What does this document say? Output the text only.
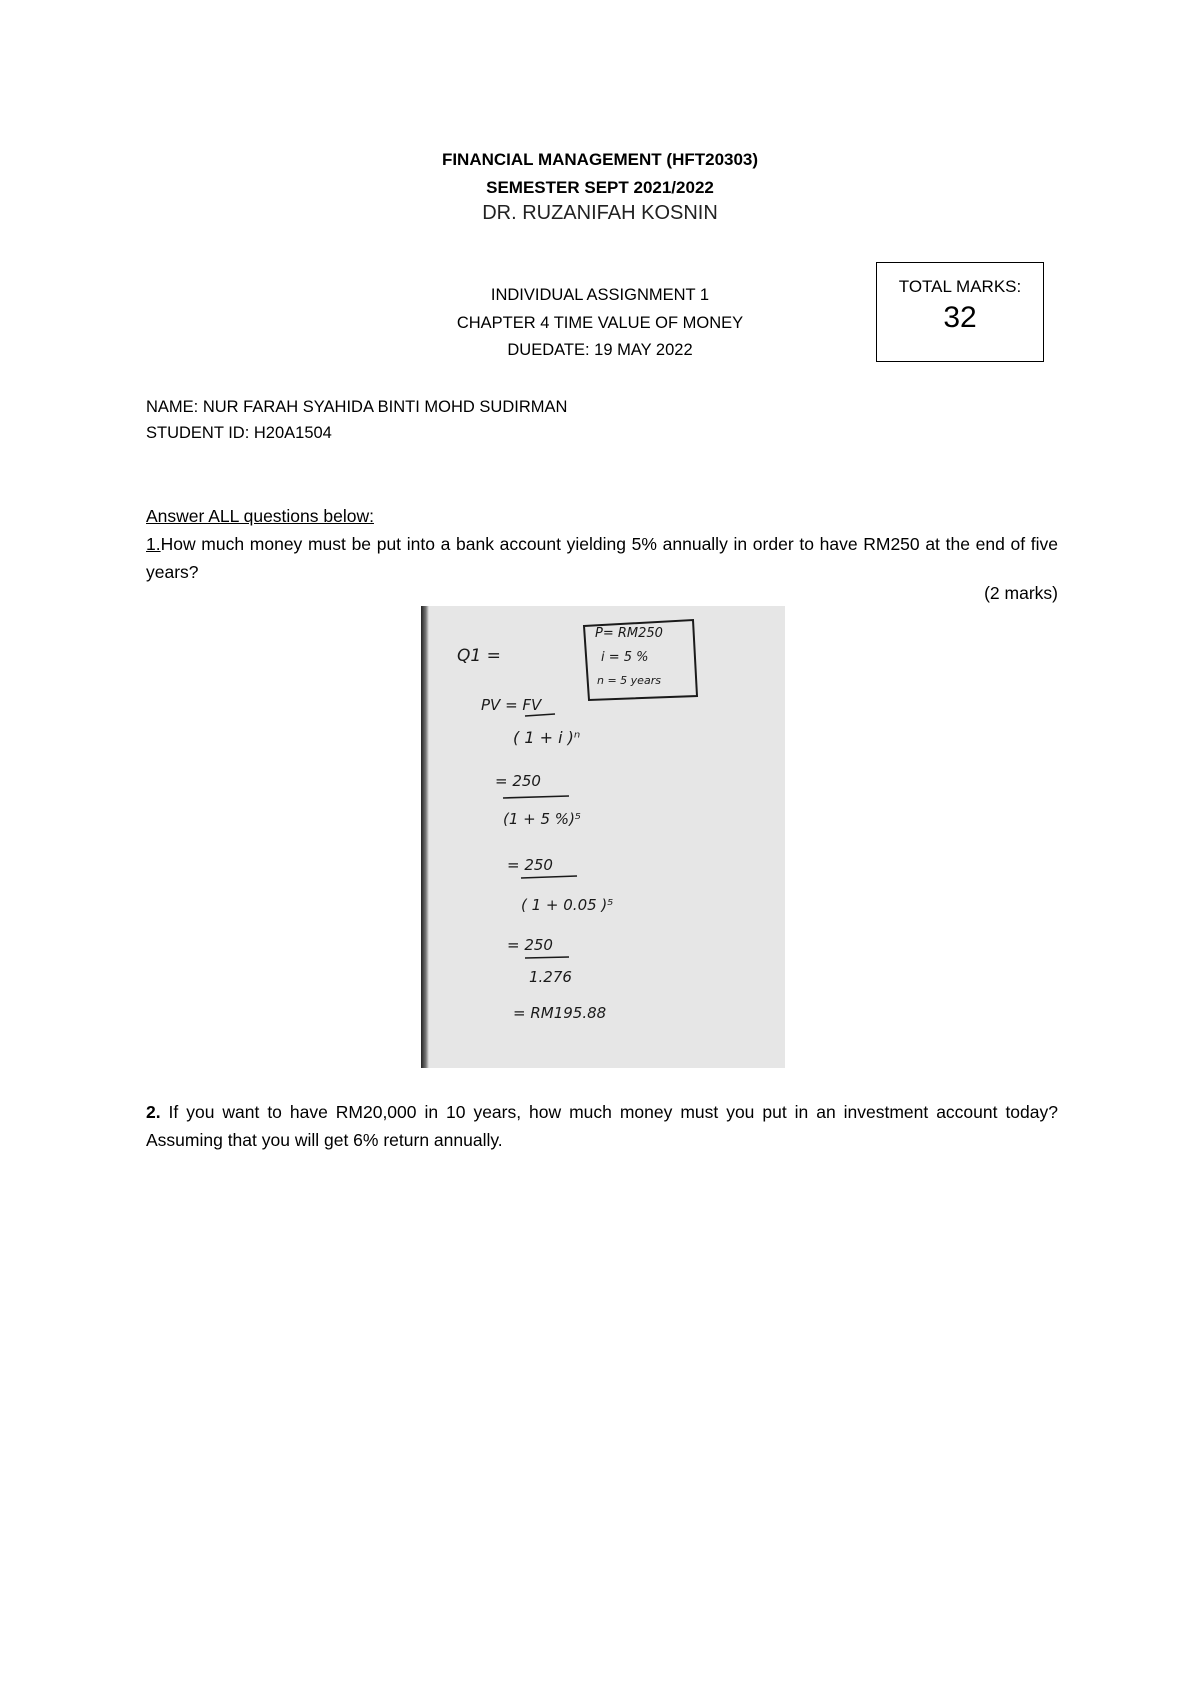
FINANCIAL MANAGEMENT (HFT20303)
SEMESTER SEPT 2021/2022
DR. RUZANIFAH KOSNIN
INDIVIDUAL ASSIGNMENT 1
CHAPTER 4 TIME VALUE OF MONEY
DUEDATE: 19 MAY 2022
TOTAL MARKS:
32
NAME: NUR FARAH SYAHIDA BINTI MOHD SUDIRMAN
STUDENT ID: H20A1504
Answer ALL questions below:
1.How much money must be put into a bank account yielding 5% annually in order to have RM250 at the end of five years?
(2 marks)
Q1 =
P= RM250
i = 5 %
n = 5 years
PV = FV
( 1 + i )ⁿ
= 250
(1 + 5 %)⁵
= 250
( 1 + 0.05 )⁵
= 250
1.276
= RM195.88
2. If you want to have RM20,000 in 10 years, how much money must you put in an investment account today? Assuming that you will get 6% return annually.
